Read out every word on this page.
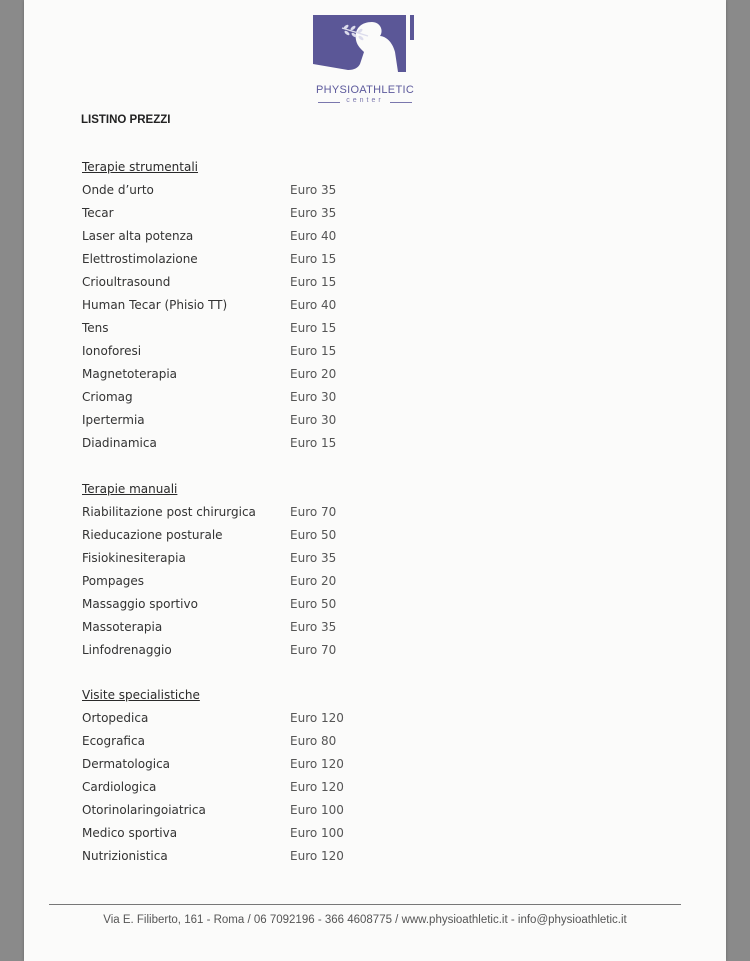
PHYSIOATHLETIC
center
LISTINO PREZZI
Terapie strumentali
Onde d’urto	Euro 35
Tecar	Euro 35
Laser alta potenza	Euro 40
Elettrostimolazione	Euro 15
Crioultrasound	Euro 15
Human Tecar (Phisio TT)	Euro 40
Tens	Euro 15
Ionoforesi	Euro 15
Magnetoterapia	Euro 20
Criomag	Euro 30
Ipertermia	Euro 30
Diadinamica	Euro 15
Terapie manuali
Riabilitazione post chirurgica	Euro 70
Rieducazione posturale	Euro 50
Fisiokinesiterapia	Euro 35
Pompages	Euro 20
Massaggio sportivo	Euro 50
Massoterapia	Euro 35
Linfodrenaggio	Euro 70
Visite specialistiche
Ortopedica	Euro 120
Ecografica	Euro 80
Dermatologica	Euro 120
Cardiologica	Euro 120
Otorinolaringoiatrica	Euro 100
Medico sportiva	Euro 100
Nutrizionistica	Euro 120
Via E. Filiberto, 161 - Roma / 06 7092196 - 366 4608775 / www.physioathletic.it - info@physioathletic.it
